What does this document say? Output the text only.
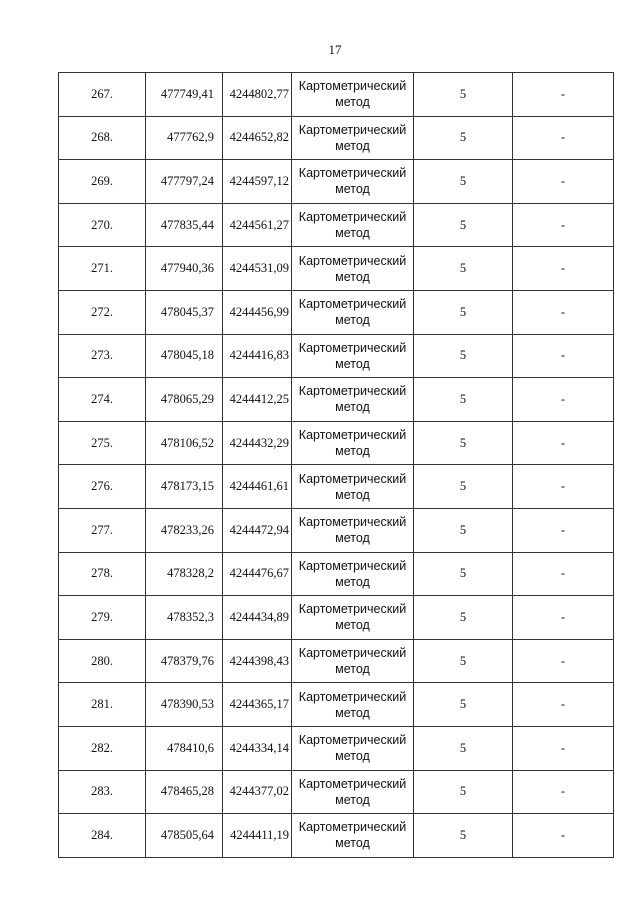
17
267.	477749,41	4244802,77	Картометрический метод	5	-
268.	477762,9	4244652,82	Картометрический метод	5	-
269.	477797,24	4244597,12	Картометрический метод	5	-
270.	477835,44	4244561,27	Картометрический метод	5	-
271.	477940,36	4244531,09	Картометрический метод	5	-
272.	478045,37	4244456,99	Картометрический метод	5	-
273.	478045,18	4244416,83	Картометрический метод	5	-
274.	478065,29	4244412,25	Картометрический метод	5	-
275.	478106,52	4244432,29	Картометрический метод	5	-
276.	478173,15	4244461,61	Картометрический метод	5	-
277.	478233,26	4244472,94	Картометрический метод	5	-
278.	478328,2	4244476,67	Картометрический метод	5	-
279.	478352,3	4244434,89	Картометрический метод	5	-
280.	478379,76	4244398,43	Картометрический метод	5	-
281.	478390,53	4244365,17	Картометрический метод	5	-
282.	478410,6	4244334,14	Картометрический метод	5	-
283.	478465,28	4244377,02	Картометрический метод	5	-
284.	478505,64	4244411,19	Картометрический метод	5	-
